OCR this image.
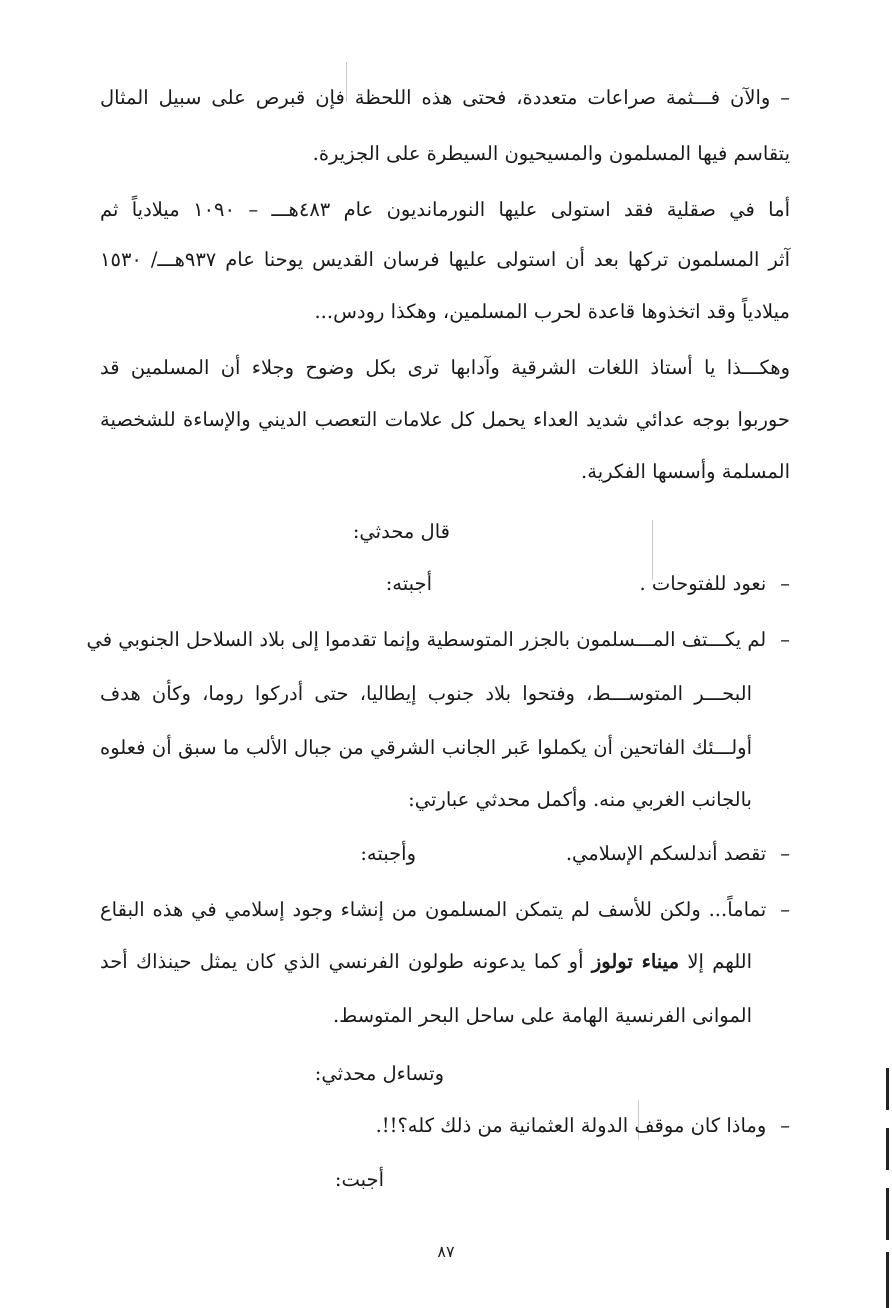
– والآن فـــثمة صراعات متعددة، فحتى هذه اللحظة فإن قبرص على سبيل المثال
يتقاسم فيها المسلمون والمسيحيون السيطرة على الجزيرة.
أما في صقلية فقد استولى عليها النورمانديون عام ٤٨٣هـــ – ١٠٩٠ ميلادياً ثم
آثر المسلمون تركها بعد أن استولى عليها فرسان القديس يوحنا عام ٩٣٧هـــ/ ١٥٣٠
ميلادياً وقد اتخذوها قاعدة لحرب المسلمين، وهكذا رودس...
وهكـــذا يا أستاذ اللغات الشرقية وآدابها ترى بكل وضوح وجلاء أن المسلمين قد
حوربوا بوجه عدائي شديد العداء يحمل كل علامات التعصب الديني والإساءة للشخصية
المسلمة وأسسها الفكرية.
قال محدثي:
–نعود للفتوحات .
أجبته:
–لم يكـــتف المـــسلمون بالجزر المتوسطية وإنما تقدموا إلى بلاد السلاحل الجنوبي في
البحـــر المتوســـط، وفتحوا بلاد جنوب إيطاليا، حتى أدركوا روما، وكأن هدف
أولـــئك الفاتحين أن يكملوا عَبر الجانب الشرقي من جبال الألب ما سبق أن فعلوه
بالجانب الغربي منه. وأكمل محدثي عبارتي:
–تقصد أندلسكم الإسلامي.
وأجبته:
–تماماً... ولكن للأسف لم يتمكن المسلمون من إنشاء وجود إسلامي في هذه البقاع
اللهم إلا ميناء تولوز أو كما يدعونه طولون الفرنسي الذي كان يمثل حينذاك أحد
الموانى الفرنسية الهامة على ساحل البحر المتوسط.
وتساءل محدثي:
–وماذا كان موقف الدولة العثمانية من ذلك كله؟!!.
أجبت:
٨٧
